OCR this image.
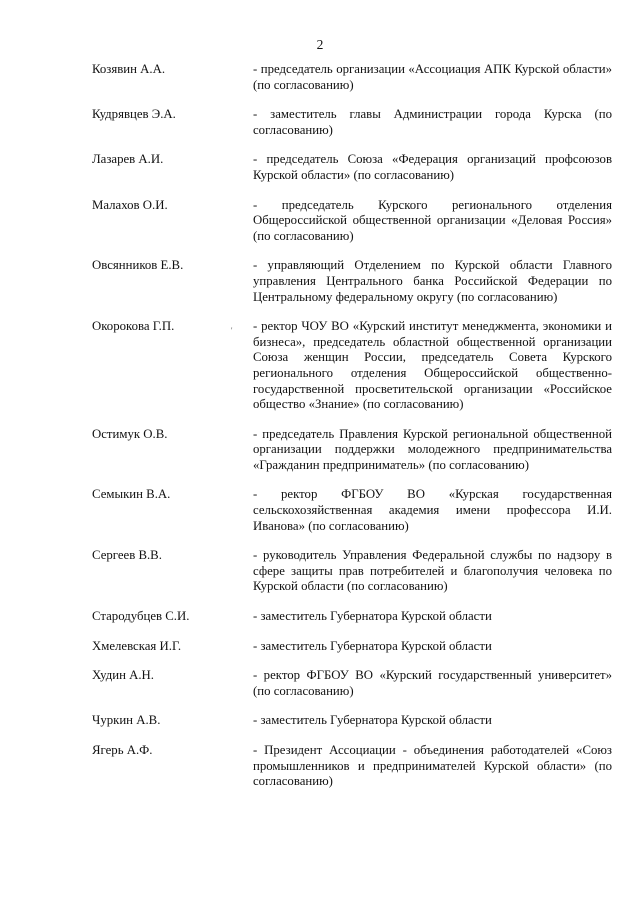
2
'
Козявин А.А.	- председатель организации «Ассоциация АПК Курской области» (по согласованию)
Кудрявцев Э.А.	- заместитель главы Администрации города Курска (по согласованию)
Лазарев А.И.	- председатель Союза «Федерация организаций профсоюзов Курской области» (по согласованию)
Малахов О.И.	- председатель Курского регионального отделения Общероссийской общественной организации «Деловая Россия» (по согласованию)
Овсянников Е.В.	- управляющий Отделением по Курской области Главного управления Центрального банка Российской Федерации по Центральному федеральному округу (по согласованию)
Окорокова Г.П.	- ректор ЧОУ ВО «Курский институт менеджмента, экономики и бизнеса», председатель областной общественной организации Союза женщин России, председатель Совета Курского регионального отделения Общероссийской общественно-государственной просветительской организации «Российское общество «Знание» (по согласованию)
Остимук О.В.	- председатель Правления Курской региональной общественной организации поддержки молодежного предпринимательства «Гражданин предприниматель» (по согласованию)
Семыкин В.А.	- ректор ФГБОУ ВО «Курская государственная сельскохозяйственная академия имени профессора И.И. Иванова» (по согласованию)
Сергеев В.В.	- руководитель Управления Федеральной службы по надзору в сфере защиты прав потребителей и благополучия человека по Курской области (по согласованию)
Стародубцев С.И.	- заместитель Губернатора Курской области
Хмелевская И.Г.	- заместитель Губернатора Курской области
Худин А.Н.	- ректор ФГБОУ ВО «Курский государственный университет» (по согласованию)
Чуркин А.В.	- заместитель Губернатора Курской области
Ягерь А.Ф.	- Президент Ассоциации - объединения работодателей «Союз промышленников и предпринимателей Курской области» (по согласованию)
